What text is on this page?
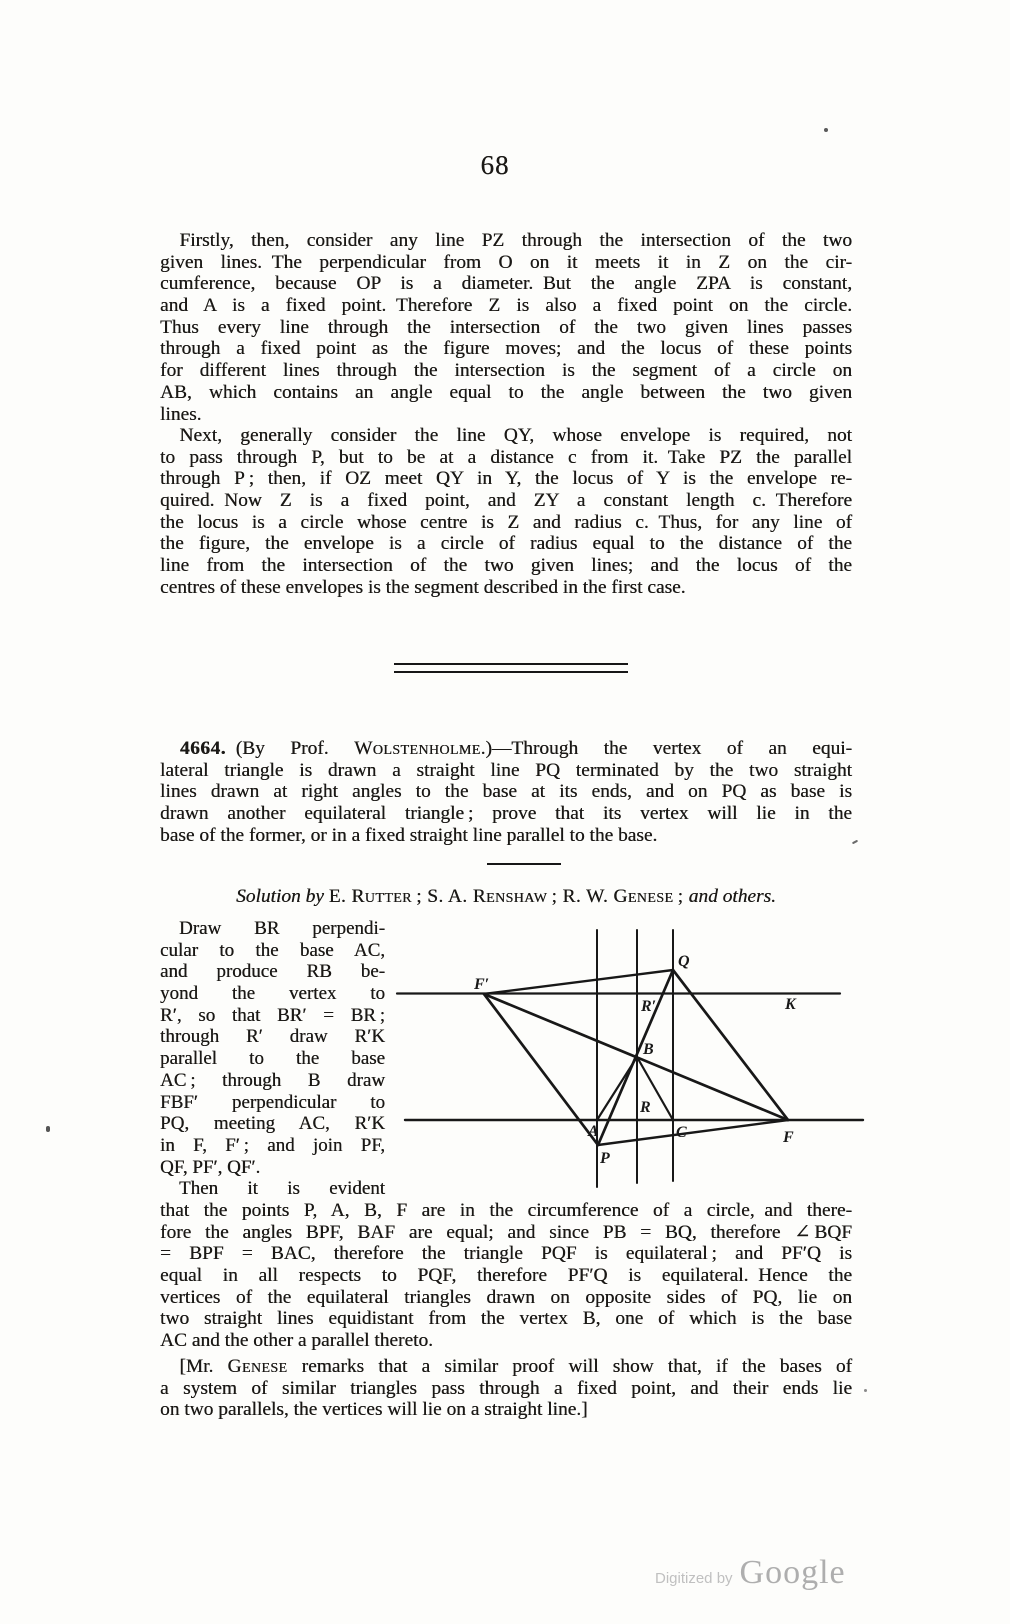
68
 Firstly, then, consider any line PZ through the intersection of the two
given lines. The perpendicular from O on it meets it in Z on the cir-
cumference, because OP is a diameter. But the angle ZPA is constant,
and A is a fixed point. Therefore Z is also a fixed point on the circle.
Thus every line through the intersection of the two given lines passes
through a fixed point as the figure moves; and the locus of these points
for different lines through the intersection is the segment of a circle on
AB, which contains an angle equal to the angle between the two given
lines.
 Next, generally consider the line QY, whose envelope is required, not
to pass through P, but to be at a distance c from it. Take PZ the parallel
through P ; then, if OZ meet QY in Y, the locus of Y is the envelope re-
quired. Now Z is a fixed point, and ZY a constant length c. Therefore
the locus is a circle whose centre is Z and radius c. Thus, for any line of
the figure, the envelope is a circle of radius equal to the distance of the
line from the intersection of the two given lines; and the locus of the
centres of these envelopes is the segment described in the first case.
 4664. (By Prof. Wolstenholme.)—Through the vertex of an equi-
lateral triangle is drawn a straight line PQ terminated by the two straight
lines drawn at right angles to the base at its ends, and on PQ as base is
drawn another equilateral triangle ; prove that its vertex will lie in the
base of the former, or in a fixed straight line parallel to the base.
Solution by E. Rutter ; S. A. Renshaw ; R. W. Genese ; and others.
 Draw BR perpendi-
cular to the base AC,
and produce RB be-
yond the vertex to
R′, so that BR′ = BR ;
through R′ draw R′K
parallel to the base
AC ; through B draw
FBF′ perpendicular to
PQ, meeting AC, R′K
in F, F′ ; and join PF,
QF, PF′, QF′.
 Then it is evident
F′
Q
R′	K
B
R
A	C	F
P
that the points P, A, B, F are in the circumference of a circle, and there-
fore the angles BPF, BAF are equal; and since PB = BQ, therefore ∠ BQF
= BPF = BAC, therefore the triangle PQF is equilateral ; and PF′Q is
equal in all respects to PQF, therefore PF′Q is equilateral. Hence the
vertices of the equilateral triangles drawn on opposite sides of PQ, lie on
two straight lines equidistant from the vertex B, one of which is the base
AC and the other a parallel thereto.
 [Mr. Genese remarks that a similar proof will show that, if the bases of
a system of similar triangles pass through a fixed point, and their ends lie
on two parallels, the vertices will lie on a straight line.]
Digitized by Google
